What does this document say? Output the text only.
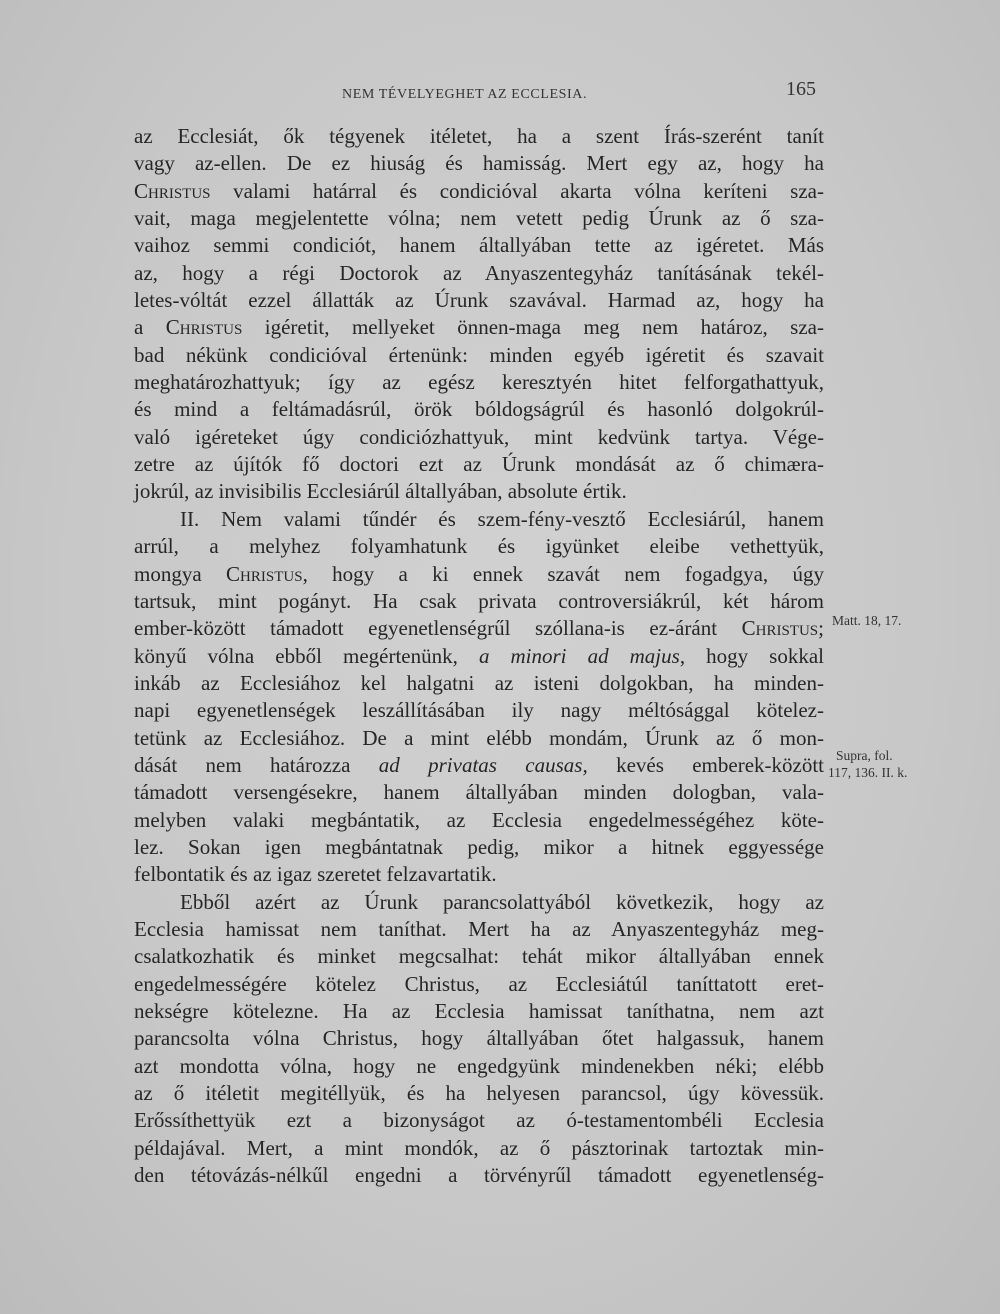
NEM TÉVELYEGHET AZ ECCLESIA.	165
az Ecclesiát, ők tégyenek itéletet, ha a szent Írás-szerént tanít
vagy az-ellen. De ez hiuság és hamisság. Mert egy az, hogy ha
Christus valami határral és condicióval akarta vólna keríteni sza-
vait, maga megjelentette vólna; nem vetett pedig Úrunk az ő sza-
vaihoz semmi condiciót, hanem általlyában tette az igéretet. Más
az, hogy a régi Doctorok az Anyaszentegyház tanításának tekél-
letes-vóltát ezzel állatták az Úrunk szavával. Harmad az, hogy ha
a Christus igéretit, mellyeket önnen-maga meg nem határoz, sza-
bad nékünk condicióval értenünk: minden egyéb igéretit és szavait
meghatározhattyuk; így az egész keresztyén hitet felforgathattyuk,
és mind a feltámadásrúl, örök bóldogságrúl és hasonló dolgokrúl-
való igéreteket úgy condiciózhattyuk, mint kedvünk tartya. Vége-
zetre az újítók fő doctori ezt az Úrunk mondását az ő chimæra-
jokrúl, az invisibilis Ecclesiárúl általlyában, absolute értik.
II. Nem valami tűndér és szem-fény-vesztő Ecclesiárúl, hanem
arrúl, a melyhez folyamhatunk és igyünket eleibe vethettyük,
mongya Christus, hogy a ki ennek szavát nem fogadgya, úgy
tartsuk, mint pogányt. Ha csak privata controversiákrúl, két három
ember-között támadott egyenetlenségrűl szóllana-is ez-áránt Christus;
könyű vólna ebből megértenünk, a minori ad majus, hogy sokkal
inkáb az Ecclesiához kel halgatni az isteni dolgokban, ha minden-
napi egyenetlenségek leszállításában ily nagy méltósággal kötelez-
tetünk az Ecclesiához. De a mint elébb mondám, Úrunk az ő mon-
dását nem határozza ad privatas causas, kevés emberek-között
támadott versengésekre, hanem általlyában minden dologban, vala-
melyben valaki megbántatik, az Ecclesia engedelmességéhez köte-
lez. Sokan igen megbántatnak pedig, mikor a hitnek eggyessége
felbontatik és az igaz szeretet felzavartatik.
Ebből azért az Úrunk parancsolattyából következik, hogy az
Ecclesia hamissat nem taníthat. Mert ha az Anyaszentegyház meg-
csalatkozhatik és minket megcsalhat: tehát mikor általlyában ennek
engedelmességére kötelez Christus, az Ecclesiátúl taníttatott eret-
nekségre kötelezne. Ha az Ecclesia hamissat taníthatna, nem azt
parancsolta vólna Christus, hogy általlyában őtet halgassuk, hanem
azt mondotta vólna, hogy ne engedgyünk mindenekben néki; elébb
az ő itéletit megitéllyük, és ha helyesen parancsol, úgy kövessük.
Erőssíthettyük ezt a bizonyságot az ó-testamentombéli Ecclesia
példajával. Mert, a mint mondók, az ő pásztorinak tartoztak min-
den tétovázás-nélkűl engedni a törvényrűl támadott egyenetlenség-
Matt. 18, 17.
Supra, fol.
117, 136. II. k.
